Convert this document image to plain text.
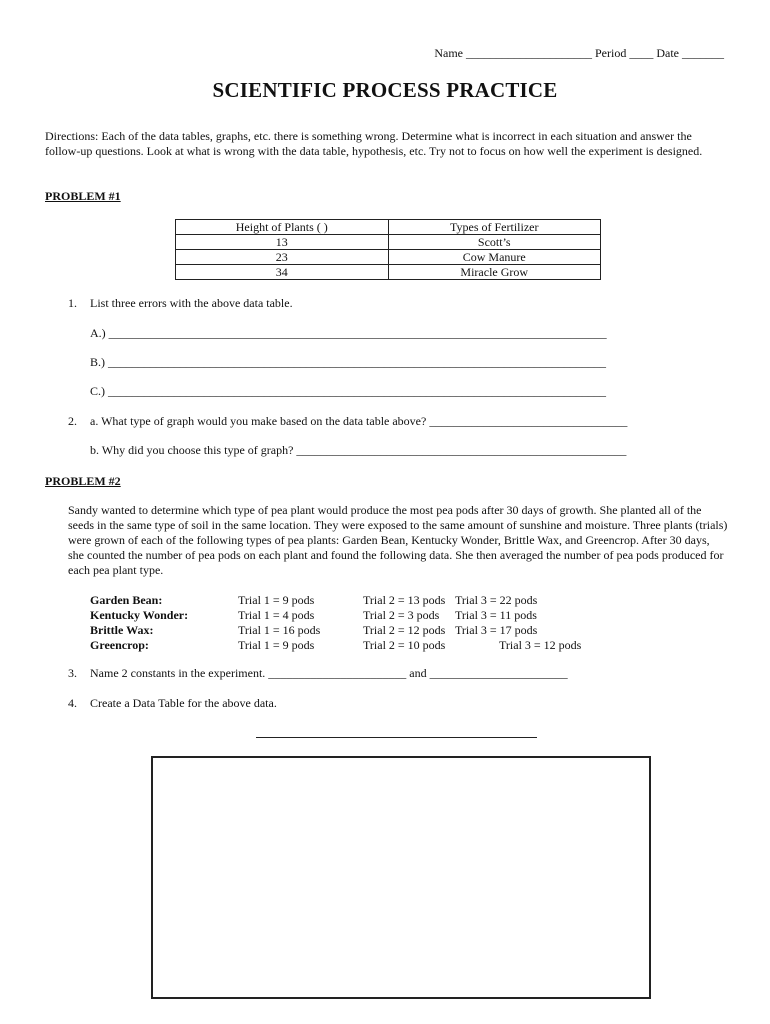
Name _____________________ Period ____ Date _______
SCIENTIFIC PROCESS PRACTICE
Directions: Each of the data tables, graphs, etc. there is something wrong. Determine what is incorrect in each situation and answer the follow-up questions. Look at what is wrong with the data table, hypothesis, etc. Try not to focus on how well the experiment is designed.
PROBLEM #1
Height of Plants ( )	Types of Fertilizer
13	Scott’s
23	Cow Manure
34	Miracle Grow
1. List three errors with the above data table.
A.) ___________________________________________________________________________________
B.) ___________________________________________________________________________________
C.) ___________________________________________________________________________________
2. a. What type of graph would you make based on the data table above? _________________________________
b. Why did you choose this type of graph? _______________________________________________________
PROBLEM #2
Sandy wanted to determine which type of pea plant would produce the most pea pods after 30 days of growth. She planted all of the seeds in the same type of soil in the same location. They were exposed to the same amount of sunshine and moisture. Three plants (trials) were grown of each of the following types of pea plants: Garden Bean, Kentucky Wonder, Brittle Wax, and Greencrop. After 30 days, she counted the number of pea pods on each plant and found the following data. She then averaged the number of pea pods produced for each pea plant type.
Garden Bean:	Trial 1 = 9 pods	Trial 2 = 13 pods Trial 3 = 22 pods
Kentucky Wonder:	Trial 1 = 4 pods	Trial 2 = 3 pods Trial 3 = 11 pods
Brittle Wax:	Trial 1 = 16 pods	Trial 2 = 12 pods Trial 3 = 17 pods
Greencrop:	Trial 1 = 9 pods	Trial 2 = 10 pods	Trial 3 = 12 pods
3. Name 2 constants in the experiment. _______________________ and _______________________
4. Create a Data Table for the above data.
